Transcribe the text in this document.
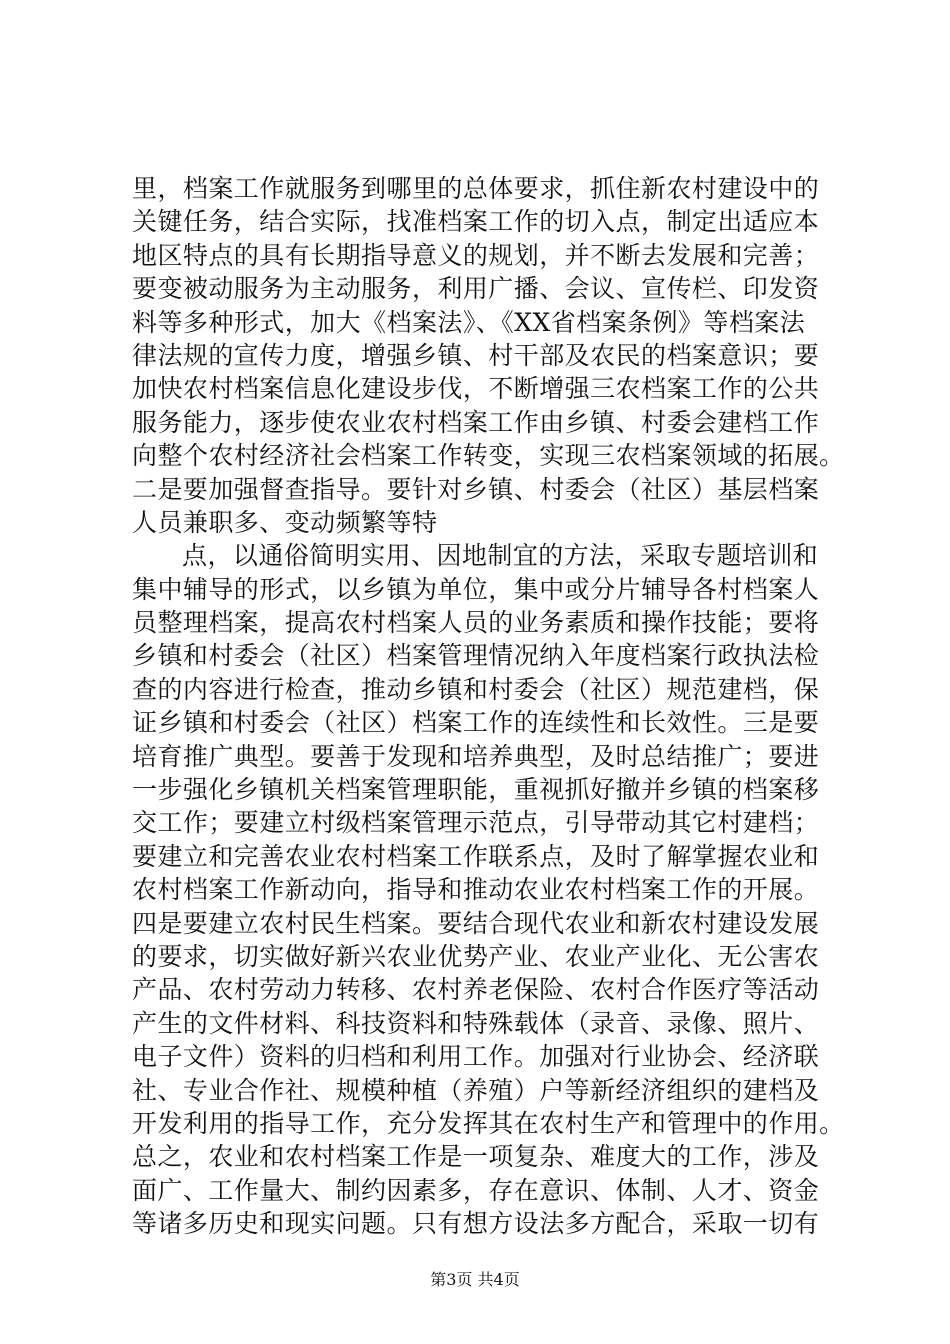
里，档案工作就服务到哪里的总体要求，抓住新农村建设中的
关键任务，结合实际，找准档案工作的切入点，制定出适应本
地区特点的具有长期指导意义的规划，并不断去发展和完善；
要变被动服务为主动服务，利用广播、会议、宣传栏、印发资
料等多种形式，加大《档案法》、《XX省档案条例》等档案法
律法规的宣传力度，增强乡镇、村干部及农民的档案意识；要
加快农村档案信息化建设步伐，不断增强三农档案工作的公共
服务能力，逐步使农业农村档案工作由乡镇、村委会建档工作
向整个农村经济社会档案工作转变，实现三农档案领域的拓展。
二是要加强督查指导。要针对乡镇、村委会（社区）基层档案
人员兼职多、变动频繁等特
点，以通俗简明实用、因地制宜的方法，采取专题培训和
集中辅导的形式，以乡镇为单位，集中或分片辅导各村档案人
员整理档案，提高农村档案人员的业务素质和操作技能；要将
乡镇和村委会（社区）档案管理情况纳入年度档案行政执法检
查的内容进行检查，推动乡镇和村委会（社区）规范建档，保
证乡镇和村委会（社区）档案工作的连续性和长效性。三是要
培育推广典型。要善于发现和培养典型，及时总结推广；要进
一步强化乡镇机关档案管理职能，重视抓好撤并乡镇的档案移
交工作；要建立村级档案管理示范点，引导带动其它村建档；
要建立和完善农业农村档案工作联系点，及时了解掌握农业和
农村档案工作新动向，指导和推动农业农村档案工作的开展。
四是要建立农村民生档案。要结合现代农业和新农村建设发展
的要求，切实做好新兴农业优势产业、农业产业化、无公害农
产品、农村劳动力转移、农村养老保险、农村合作医疗等活动
产生的文件材料、科技资料和特殊载体（录音、录像、照片、
电子文件）资料的归档和利用工作。加强对行业协会、经济联
社、专业合作社、规模种植（养殖）户等新经济组织的建档及
开发利用的指导工作，充分发挥其在农村生产和管理中的作用。
总之，农业和农村档案工作是一项复杂、难度大的工作，涉及
面广、工作量大、制约因素多，存在意识、体制、人才、资金
等诸多历史和现实问题。只有想方设法多方配合，采取一切有
第3页 共4页
